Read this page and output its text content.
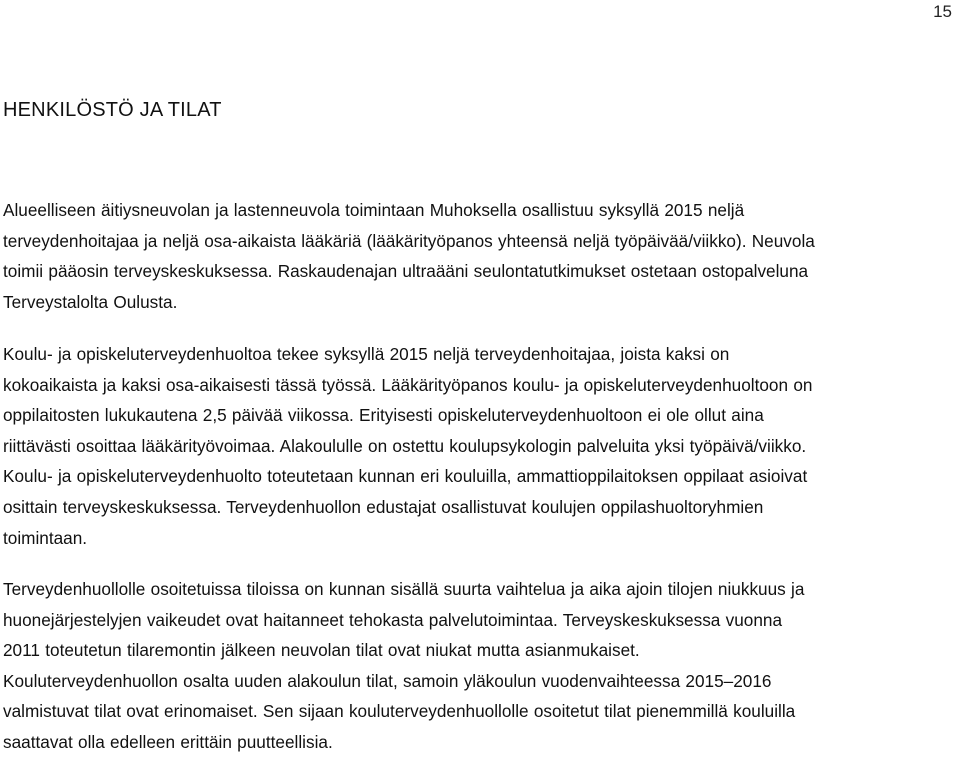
15
HENKILÖSTÖ JA TILAT
Alueelliseen äitiysneuvolan ja lastenneuvola toimintaan Muhoksella osallistuu syksyllä 2015 neljä
terveydenhoitajaa ja neljä osa-aikaista lääkäriä (lääkärityöpanos yhteensä neljä työpäivää/viikko). Neuvola
toimii pääosin terveyskeskuksessa. Raskaudenajan ultraääni seulontatutkimukset ostetaan ostopalveluna
Terveystalolta Oulusta.
Koulu- ja opiskeluterveydenhuoltoa tekee syksyllä 2015 neljä terveydenhoitajaa, joista kaksi on
kokoaikaista ja kaksi osa-aikaisesti tässä työssä. Lääkärityöpanos koulu- ja opiskeluterveydenhuoltoon on
oppilaitosten lukukautena 2,5 päivää viikossa. Erityisesti opiskeluterveydenhuoltoon ei ole ollut aina
riittävästi osoittaa lääkärityövoimaa. Alakoululle on ostettu koulupsykologin palveluita yksi työpäivä/viikko.
Koulu- ja opiskeluterveydenhuolto toteutetaan kunnan eri kouluilla, ammattioppilaitoksen oppilaat asioivat
osittain terveyskeskuksessa. Terveydenhuollon edustajat osallistuvat koulujen oppilashuoltoryhmien
toimintaan.
Terveydenhuollolle osoitetuissa tiloissa on kunnan sisällä suurta vaihtelua ja aika ajoin tilojen niukkuus ja
huonejärjestelyjen vaikeudet ovat haitanneet tehokasta palvelutoimintaa. Terveyskeskuksessa vuonna
2011 toteutetun tilaremontin jälkeen neuvolan tilat ovat niukat mutta asianmukaiset.
Kouluterveydenhuollon osalta uuden alakoulun tilat, samoin yläkoulun vuodenvaihteessa 2015–2016
valmistuvat tilat ovat erinomaiset. Sen sijaan kouluterveydenhuollolle osoitetut tilat pienemmillä kouluilla
saattavat olla edelleen erittäin puutteellisia.
